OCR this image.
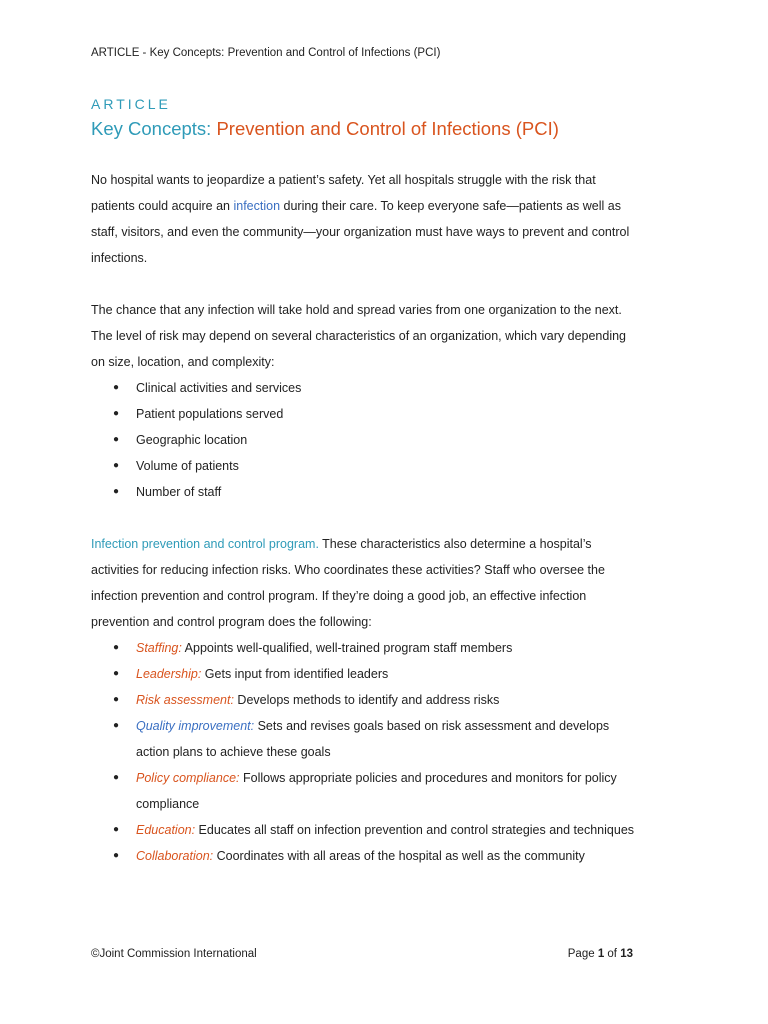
ARTICLE - Key Concepts: Prevention and Control of Infections (PCI)
ARTICLE
Key Concepts: Prevention and Control of Infections (PCI)

No hospital wants to jeopardize a patient’s safety. Yet all hospitals struggle with the risk that patients could acquire an infection during their care. To keep everyone safe—patients as well as staff, visitors, and even the community—your organization must have ways to prevent and control infections.

The chance that any infection will take hold and spread varies from one organization to the next. The level of risk may depend on several characteristics of an organization, which vary depending on size, location, and complexity:

● Clinical activities and services
● Patient populations served
● Geographic location
● Volume of patients
● Number of staff

Infection prevention and control program. These characteristics also determine a hospital’s activities for reducing infection risks. Who coordinates these activities? Staff who oversee the infection prevention and control program. If they’re doing a good job, an effective infection prevention and control program does the following:

● Staffing: Appoints well-qualified, well-trained program staff members
● Leadership: Gets input from identified leaders
● Risk assessment: Develops methods to identify and address risks
● Quality improvement: Sets and revises goals based on risk assessment and develops action plans to achieve these goals
● Policy compliance: Follows appropriate policies and procedures and monitors for policy compliance
● Education: Educates all staff on infection prevention and control strategies and techniques
● Collaboration: Coordinates with all areas of the hospital as well as the community
©Joint Commission International	Page 1 of 13
